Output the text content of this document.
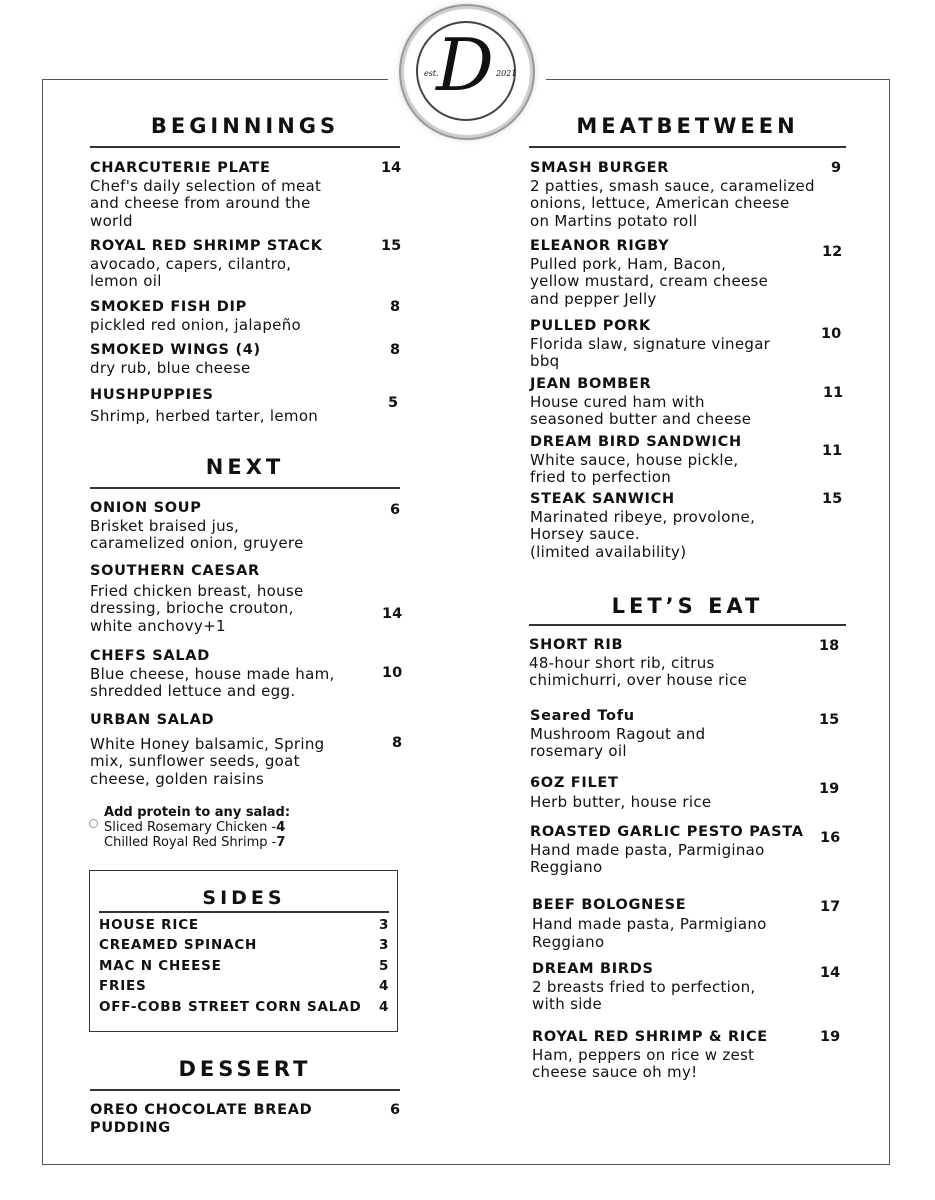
D
est.	2021
BEGINNINGS
CHARCUTERIE PLATE
Chef's daily selection of meat
and cheese from around the
world
14
ROYAL RED SHRIMP STACK
avocado, capers, cilantro,
lemon oil
15
SMOKED FISH DIP
pickled red onion, jalapeño
8
SMOKED WINGS (4)
dry rub, blue cheese
8
HUSHPUPPIES
Shrimp, herbed tarter, lemon
5
NEXT
ONION SOUP
Brisket braised jus,
caramelized onion, gruyere
6
SOUTHERN CAESAR
Fried chicken breast, house
dressing, brioche crouton,
white anchovy+1
14
CHEFS SALAD
Blue cheese, house made ham,
shredded lettuce and egg.
10
URBAN SALAD
White Honey balsamic, Spring
mix, sunflower seeds, goat
cheese, golden raisins
8
Add protein to any salad:
Sliced Rosemary Chicken -4
Chilled Royal Red Shrimp -7
SIDES
HOUSE RICE	3
CREAMED SPINACH	3
MAC N CHEESE	5
FRIES	4
OFF-COBB STREET CORN SALAD 4
DESSERT
OREO CHOCOLATE BREAD
PUDDING
6
MEATBETWEEN
SMASH BURGER
2 patties, smash sauce, caramelized
onions, lettuce, American cheese
on Martins potato roll
9
ELEANOR RIGBY
Pulled pork, Ham, Bacon,
yellow mustard, cream cheese
and pepper Jelly
12
PULLED PORK
Florida slaw, signature vinegar
bbq
10
JEAN BOMBER
House cured ham with
seasoned butter and cheese
11
DREAM BIRD SANDWICH
White sauce, house pickle,
fried to perfection
11
STEAK SANWICH
Marinated ribeye, provolone,
Horsey sauce.
(limited availability)
15
LET’S EAT
SHORT RIB
48-hour short rib, citrus
chimichurri, over house rice
18
Seared Tofu
Mushroom Ragout and
rosemary oil
15
6OZ FILET
Herb butter, house rice
19
ROASTED GARLIC PESTO PASTA
Hand made pasta, Parmiginao
Reggiano
16
BEEF BOLOGNESE
Hand made pasta, Parmigiano
Reggiano
17
DREAM BIRDS
2 breasts fried to perfection,
with side
14
ROYAL RED SHRIMP & RICE
Ham, peppers on rice w zest
cheese sauce oh my!
19
